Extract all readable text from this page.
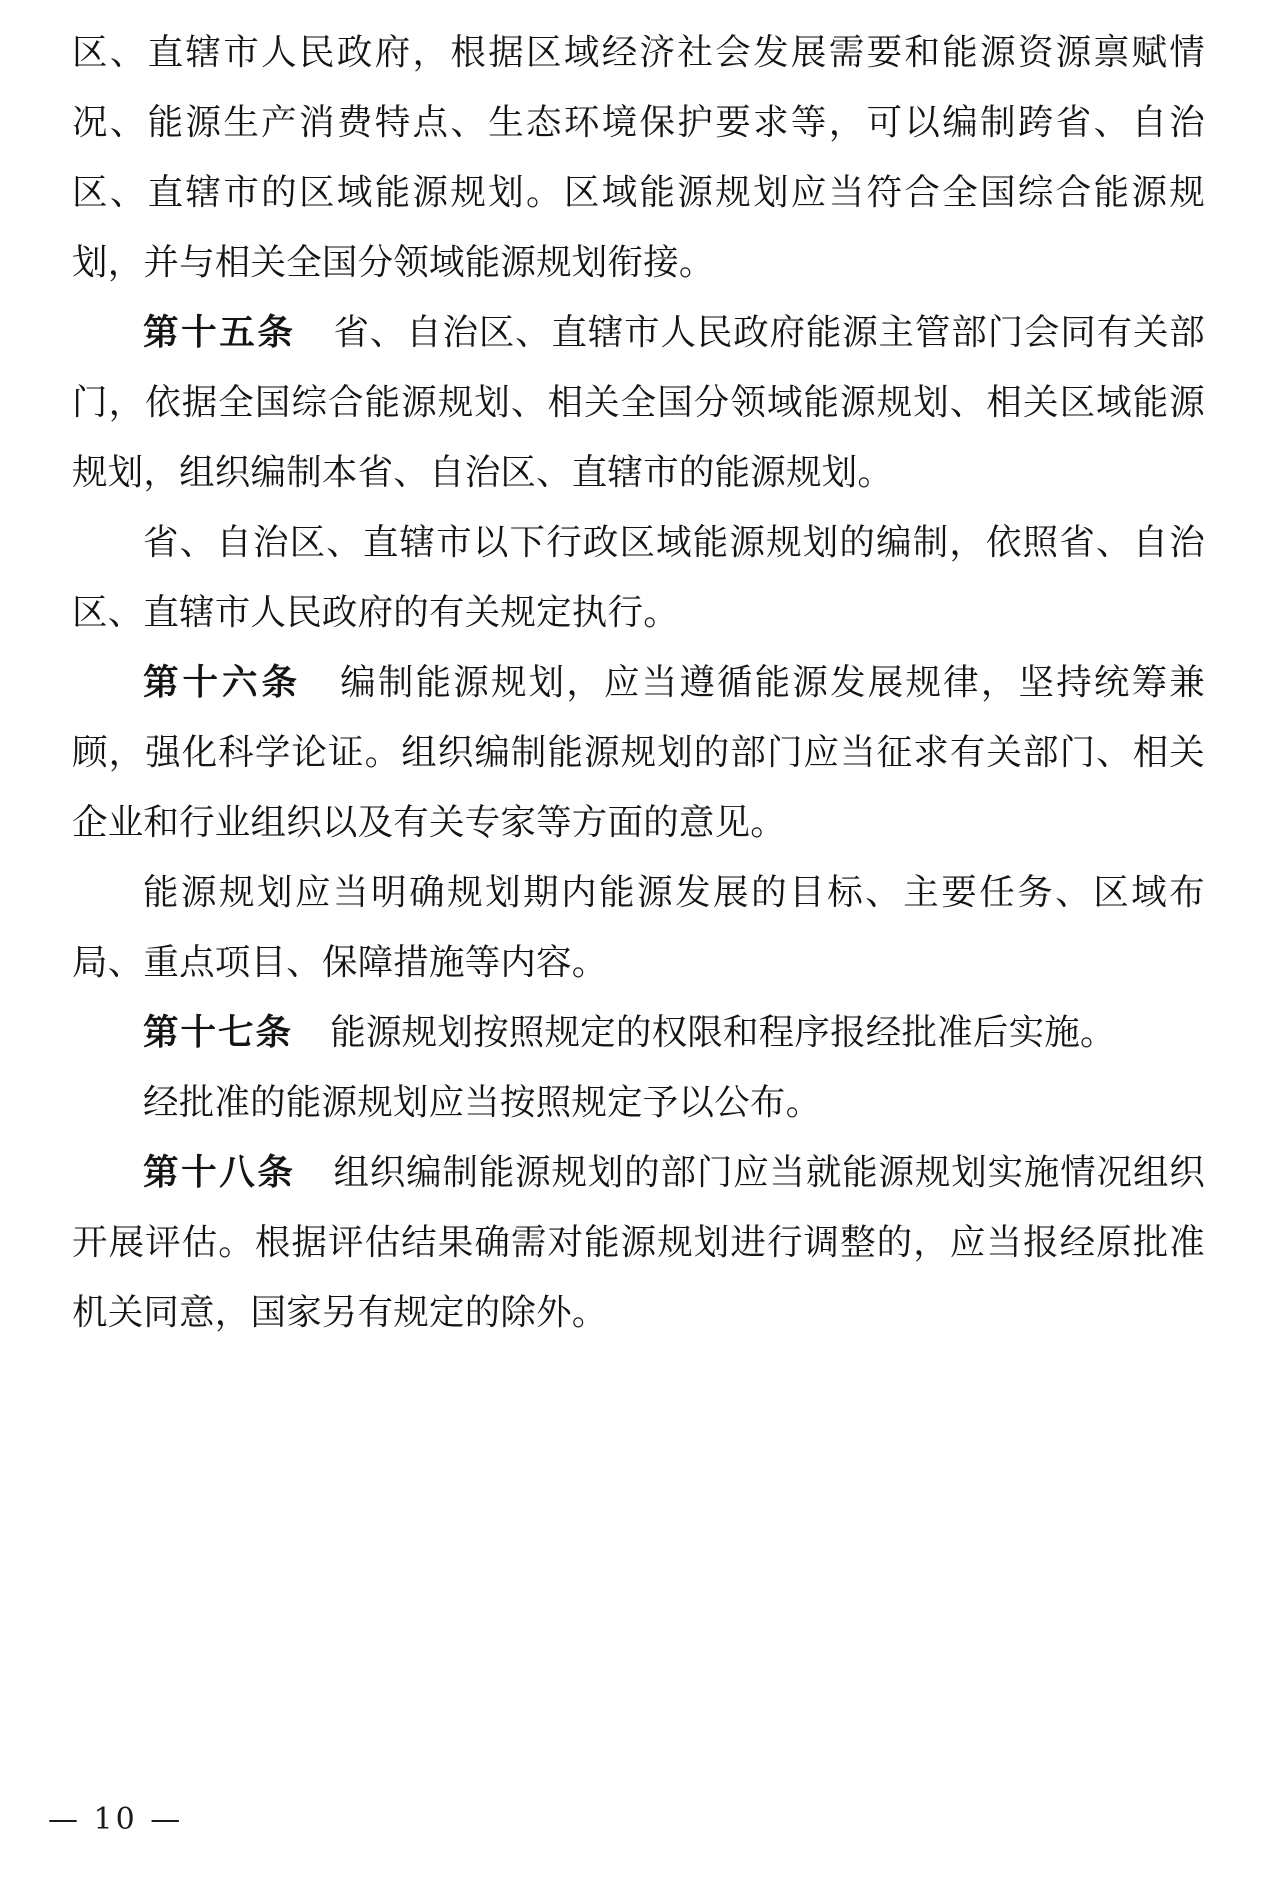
区、直辖市人民政府，根据区域经济社会发展需要和能源资源禀赋情况、能源生产消费特点、生态环境保护要求等，可以编制跨省、自治区、直辖市的区域能源规划。区域能源规划应当符合全国综合能源规划，并与相关全国分领域能源规划衔接。

第十五条 省、自治区、直辖市人民政府能源主管部门会同有关部门，依据全国综合能源规划、相关全国分领域能源规划、相关区域能源规划，组织编制本省、自治区、直辖市的能源规划。

省、自治区、直辖市以下行政区域能源规划的编制，依照省、自治区、直辖市人民政府的有关规定执行。

第十六条 编制能源规划，应当遵循能源发展规律，坚持统筹兼顾，强化科学论证。组织编制能源规划的部门应当征求有关部门、相关企业和行业组织以及有关专家等方面的意见。

能源规划应当明确规划期内能源发展的目标、主要任务、区域布局、重点项目、保障措施等内容。

第十七条 能源规划按照规定的权限和程序报经批准后实施。

经批准的能源规划应当按照规定予以公布。

第十八条 组织编制能源规划的部门应当就能源规划实施情况组织开展评估。根据评估结果确需对能源规划进行调整的，应当报经原批准机关同意，国家另有规定的除外。

— 10 —
